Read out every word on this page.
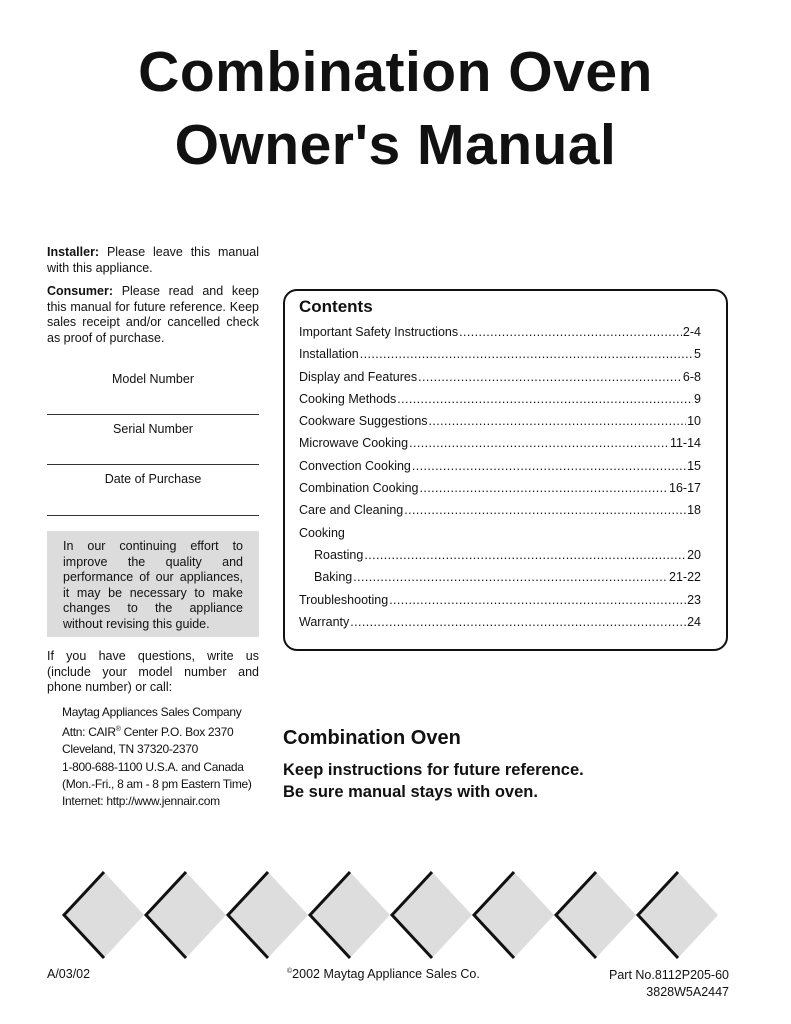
Combination Oven
Owner's Manual

Installer: Please leave this manual with this appliance.

Consumer: Please read and keep this manual for future reference. Keep sales receipt and/or cancelled check as proof of purchase.

Model Number
Serial Number
Date of Purchase
In our continuing effort to improve the quality and performance of our appliances, it may be necessary to make changes to the appliance without revising this guide.
If you have questions, write us (include your model number and phone number) or call:
Maytag Appliances Sales Company
Attn: CAIR® Center P.O. Box 2370
Cleveland, TN 37320-2370
1-800-688-1100 U.S.A. and Canada
(Mon.-Fri., 8 am - 8 pm Eastern Time)
Internet: http://www.jennair.com
Contents
Important Safety Instructions .....	2-4
Installation .....	5
Display and Features .....	6-8
Cooking Methods .....	9
Cookware Suggestions .....	10
Microwave Cooking .....	11-14
Convection Cooking .....	15
Combination Cooking .....	16-17
Care and Cleaning .....	18
Cooking
Roasting .....	20
Baking .....	21-22
Troubleshooting .....	23
Warranty .....	24
Combination Oven
Keep instructions for future reference.
Be sure manual stays with oven.
A/03/02	©2002 Maytag Appliance Sales Co.	Part No.8112P205-60
3828W5A2447
